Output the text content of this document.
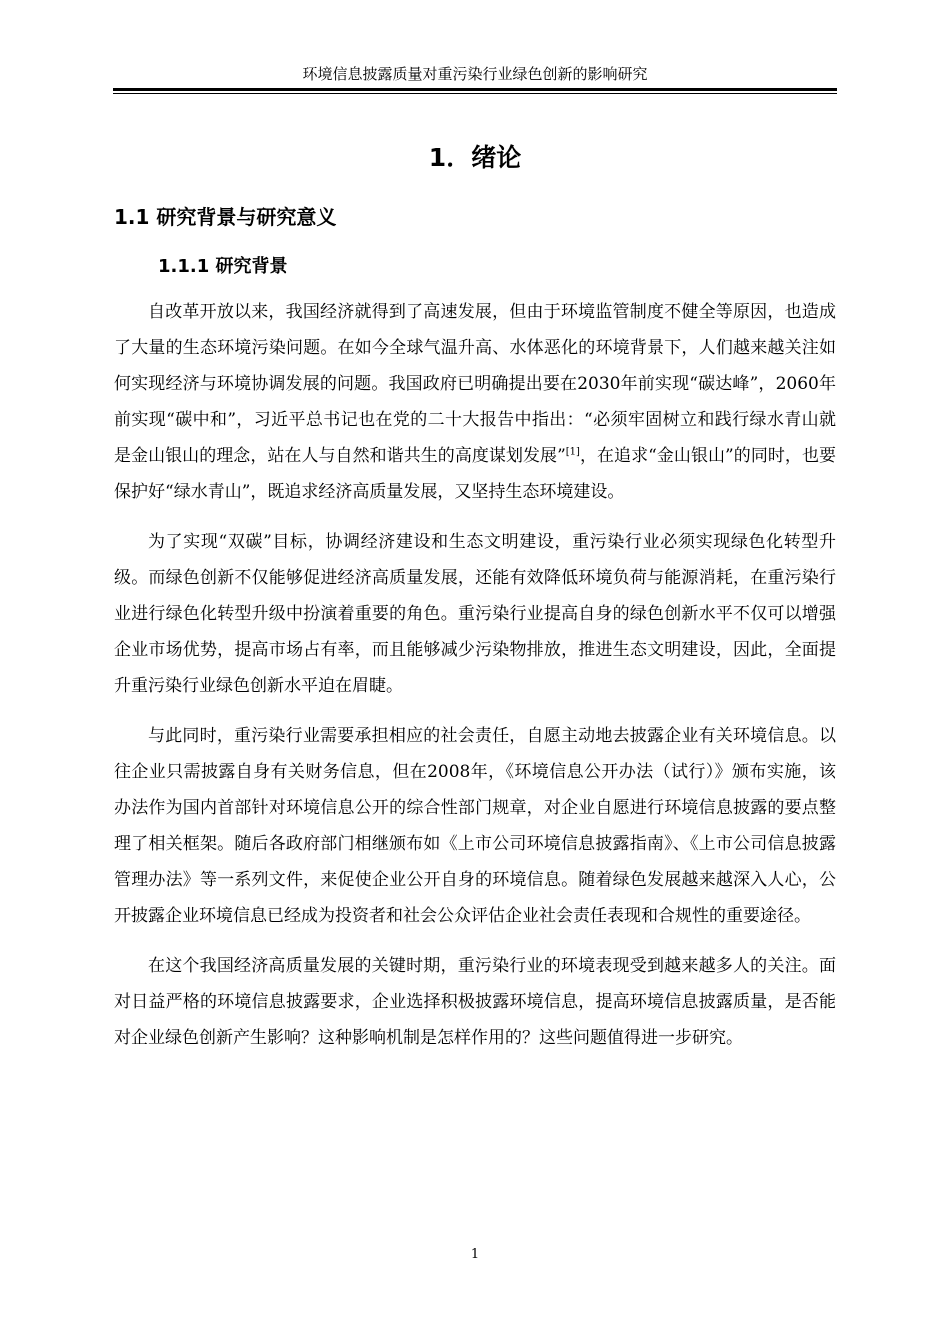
环境信息披露质量对重污染行业绿色创新的影响研究
1．绪论
1.1 研究背景与研究意义
1.1.1 研究背景

自改革开放以来，我国经济就得到了高速发展，但由于环境监管制度不健全等原因，也造成了大量的生态环境污染问题。在如今全球气温升高、水体恶化的环境背景下，人们越来越关注如何实现经济与环境协调发展的问题。我国政府已明确提出要在2030年前实现“碳达峰”，2060年前实现“碳中和”，习近平总书记也在党的二十大报告中指出：“必须牢固树立和践行绿水青山就是金山银山的理念，站在人与自然和谐共生的高度谋划发展”[1]，在追求“金山银山”的同时，也要保护好“绿水青山”，既追求经济高质量发展，又坚持生态环境建设。

为了实现“双碳”目标，协调经济建设和生态文明建设，重污染行业必须实现绿色化转型升级。而绿色创新不仅能够促进经济高质量发展，还能有效降低环境负荷与能源消耗，在重污染行业进行绿色化转型升级中扮演着重要的角色。重污染行业提高自身的绿色创新水平不仅可以增强企业市场优势，提高市场占有率，而且能够减少污染物排放，推进生态文明建设，因此，全面提升重污染行业绿色创新水平迫在眉睫。

与此同时，重污染行业需要承担相应的社会责任，自愿主动地去披露企业有关环境信息。以往企业只需披露自身有关财务信息，但在2008年，《环境信息公开办法（试行）》颁布实施，该办法作为国内首部针对环境信息公开的综合性部门规章，对企业自愿进行环境信息披露的要点整理了相关框架。随后各政府部门相继颁布如《上市公司环境信息披露指南》、《上市公司信息披露管理办法》等一系列文件，来促使企业公开自身的环境信息。随着绿色发展越来越深入人心，公开披露企业环境信息已经成为投资者和社会公众评估企业社会责任表现和合规性的重要途径。

在这个我国经济高质量发展的关键时期，重污染行业的环境表现受到越来越多人的关注。面对日益严格的环境信息披露要求，企业选择积极披露环境信息，提高环境信息披露质量，是否能对企业绿色创新产生影响？这种影响机制是怎样作用的？这些问题值得进一步研究。

1
